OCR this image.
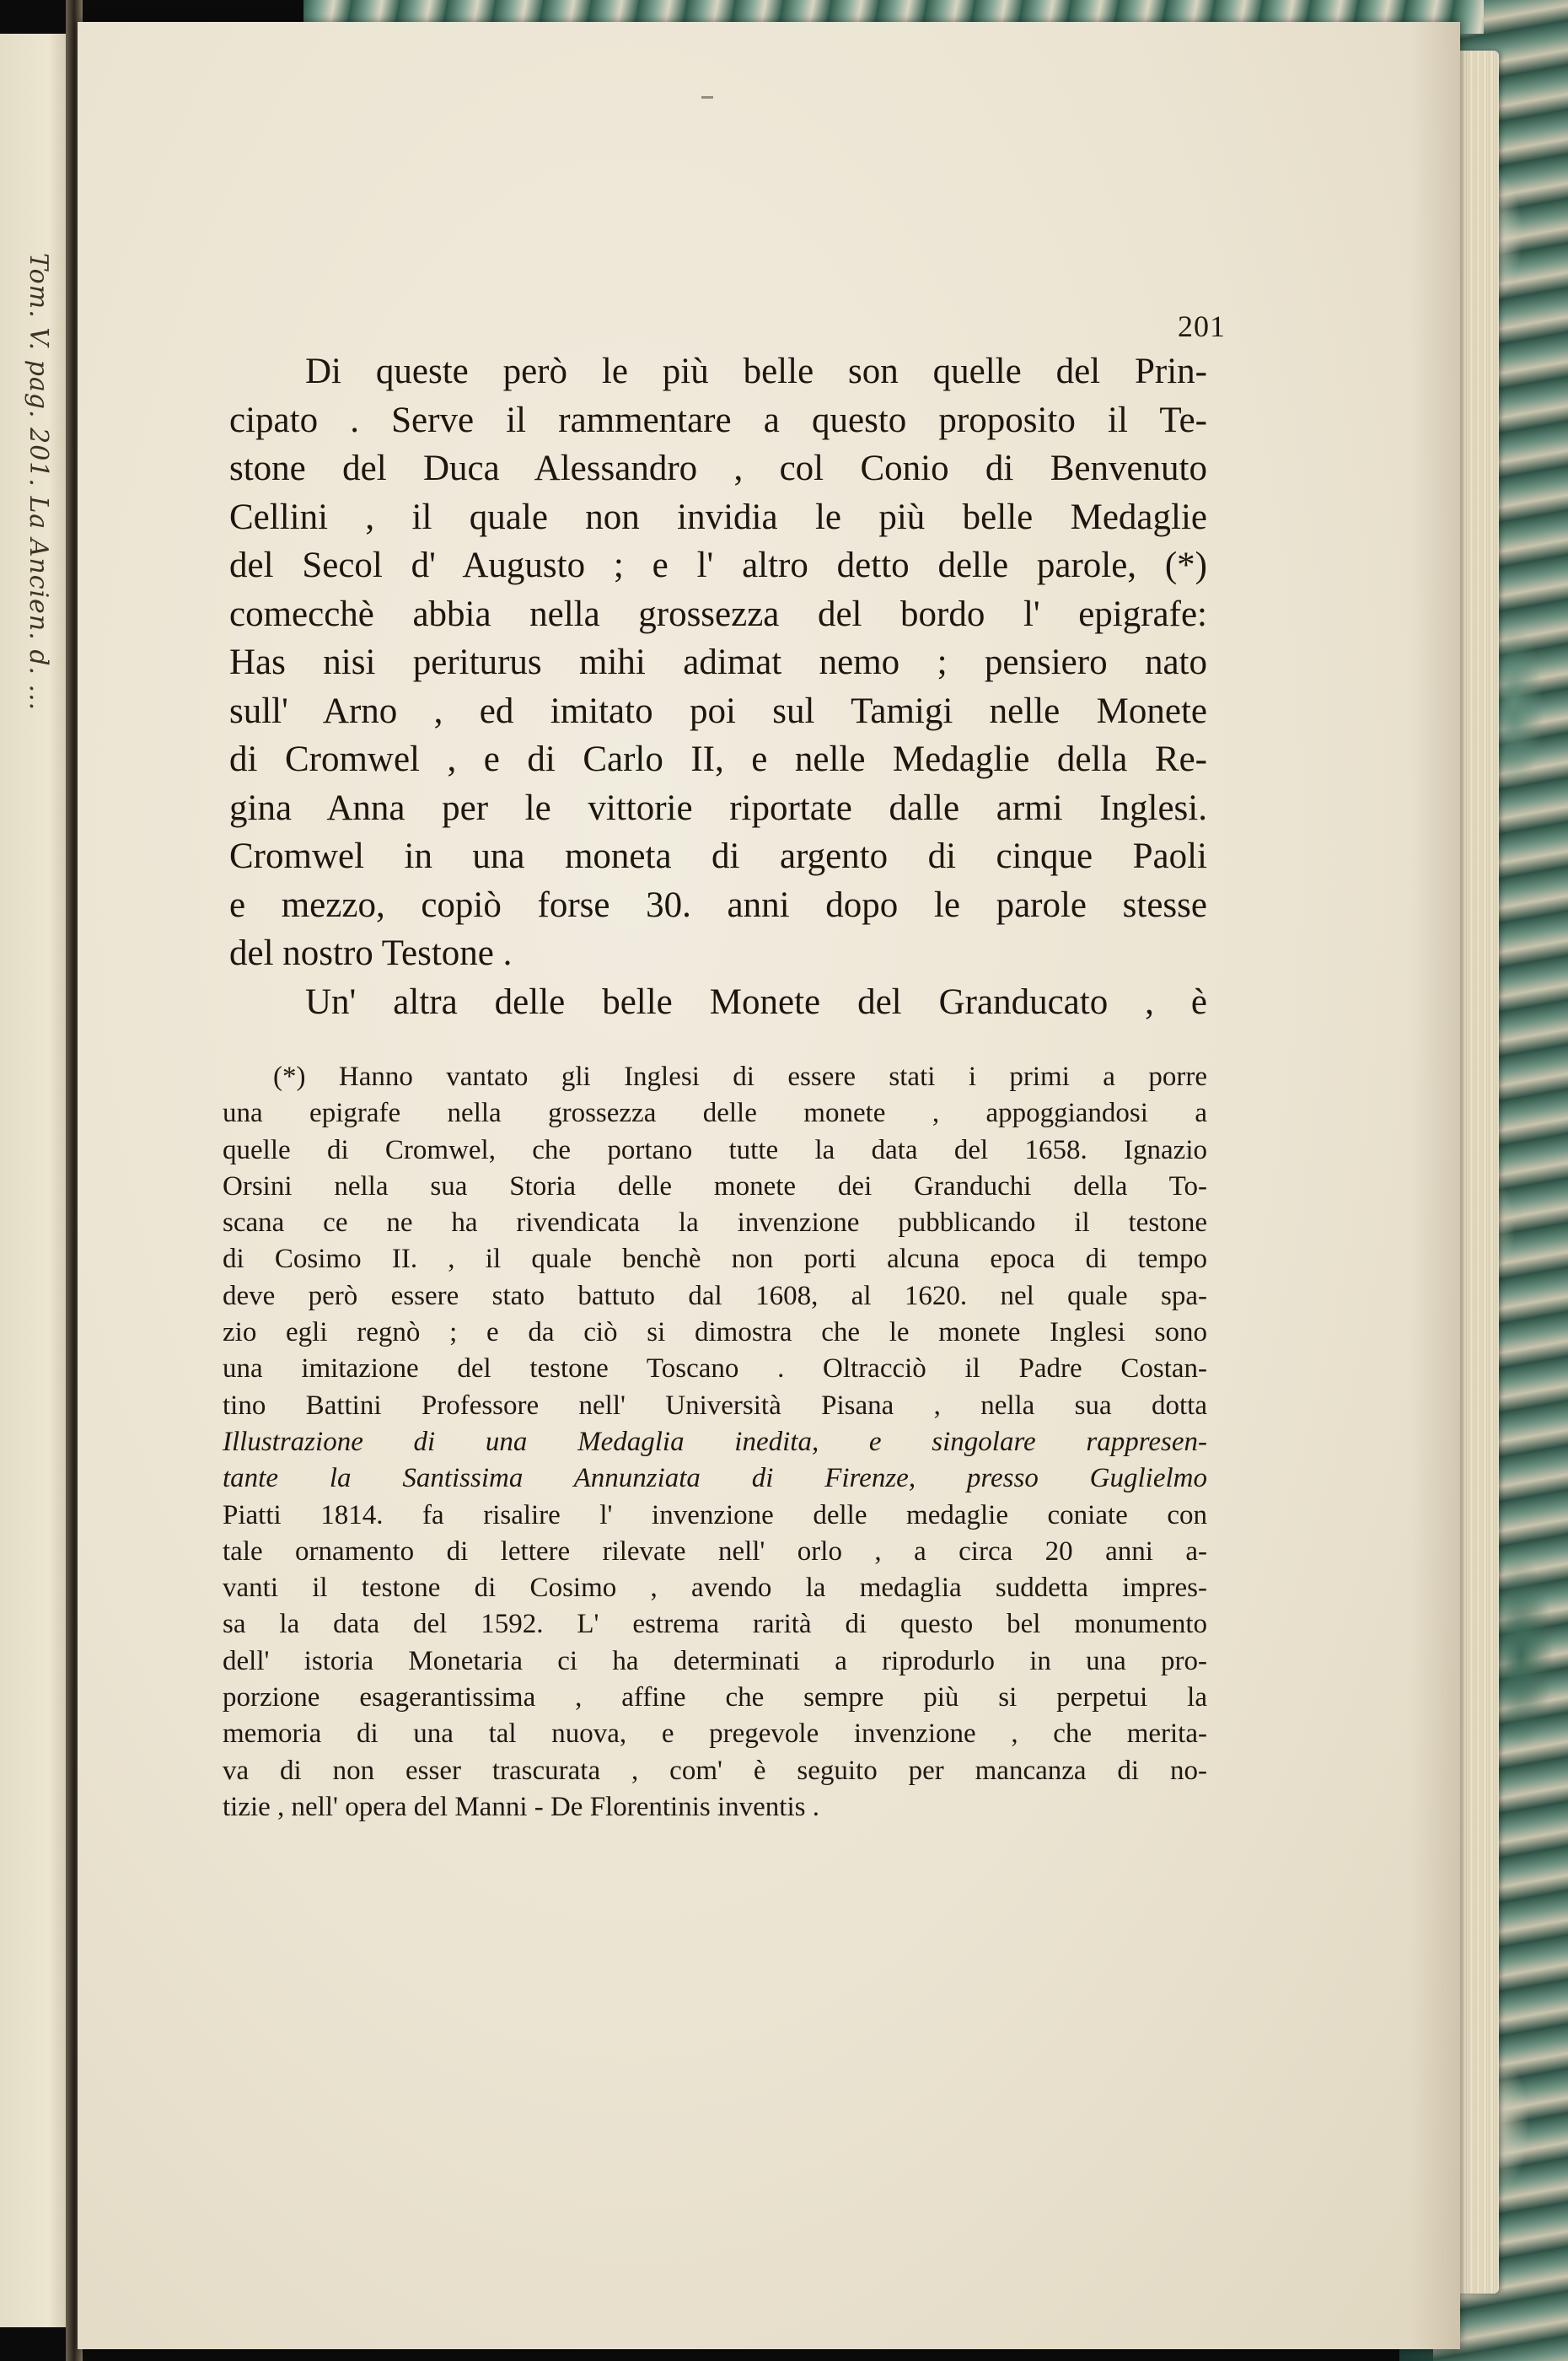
Tom. V. pag. 201. La Ancien. d. ...	201
Di queste però le più belle son quelle del Prin-
cipato . Serve il rammentare a questo proposito il Te-
stone del Duca Alessandro , col Conio di Benvenuto
Cellini , il quale non invidia le più belle Medaglie
del Secol d' Augusto ; e l' altro detto delle parole, (*)
comecchè abbia nella grossezza del bordo l' epigrafe:
Has nisi periturus mihi adimat nemo ; pensiero nato
sull' Arno , ed imitato poi sul Tamigi nelle Monete
di Cromwel , e di Carlo II, e nelle Medaglie della Re-
gina Anna per le vittorie riportate dalle armi Inglesi.
Cromwel in una moneta di argento di cinque Paoli
e mezzo, copiò forse 30. anni dopo le parole stesse
del nostro Testone .
Un' altra delle belle Monete del Granducato , è
(*) Hanno vantato gli Inglesi di essere stati i primi a porre
una epigrafe nella grossezza delle monete , appoggiandosi a
quelle di Cromwel, che portano tutte la data del 1658. Ignazio
Orsini nella sua Storia delle monete dei Granduchi della To-
scana ce ne ha rivendicata la invenzione pubblicando il testone
di Cosimo II. , il quale benchè non porti alcuna epoca di tempo
deve però essere stato battuto dal 1608, al 1620. nel quale spa-
zio egli regnò ; e da ciò si dimostra che le monete Inglesi sono
una imitazione del testone Toscano . Oltracciò il Padre Costan-
tino Battini Professore nell' Università Pisana , nella sua dotta
Illustrazione di una Medaglia inedita, e singolare rappresen-
tante la Santissima Annunziata di Firenze, presso Guglielmo
Piatti 1814. fa risalire l' invenzione delle medaglie coniate con
tale ornamento di lettere rilevate nell' orlo , a circa 20 anni a-
vanti il testone di Cosimo , avendo la medaglia suddetta impres-
sa la data del 1592. L' estrema rarità di questo bel monumento
dell' istoria Monetaria ci ha determinati a riprodurlo in una pro-
porzione esagerantissima , affine che sempre più si perpetui la
memoria di una tal nuova, e pregevole invenzione , che merita-
va di non esser trascurata , com' è seguito per mancanza di no-
tizie , nell' opera del Manni - De Florentinis inventis .
